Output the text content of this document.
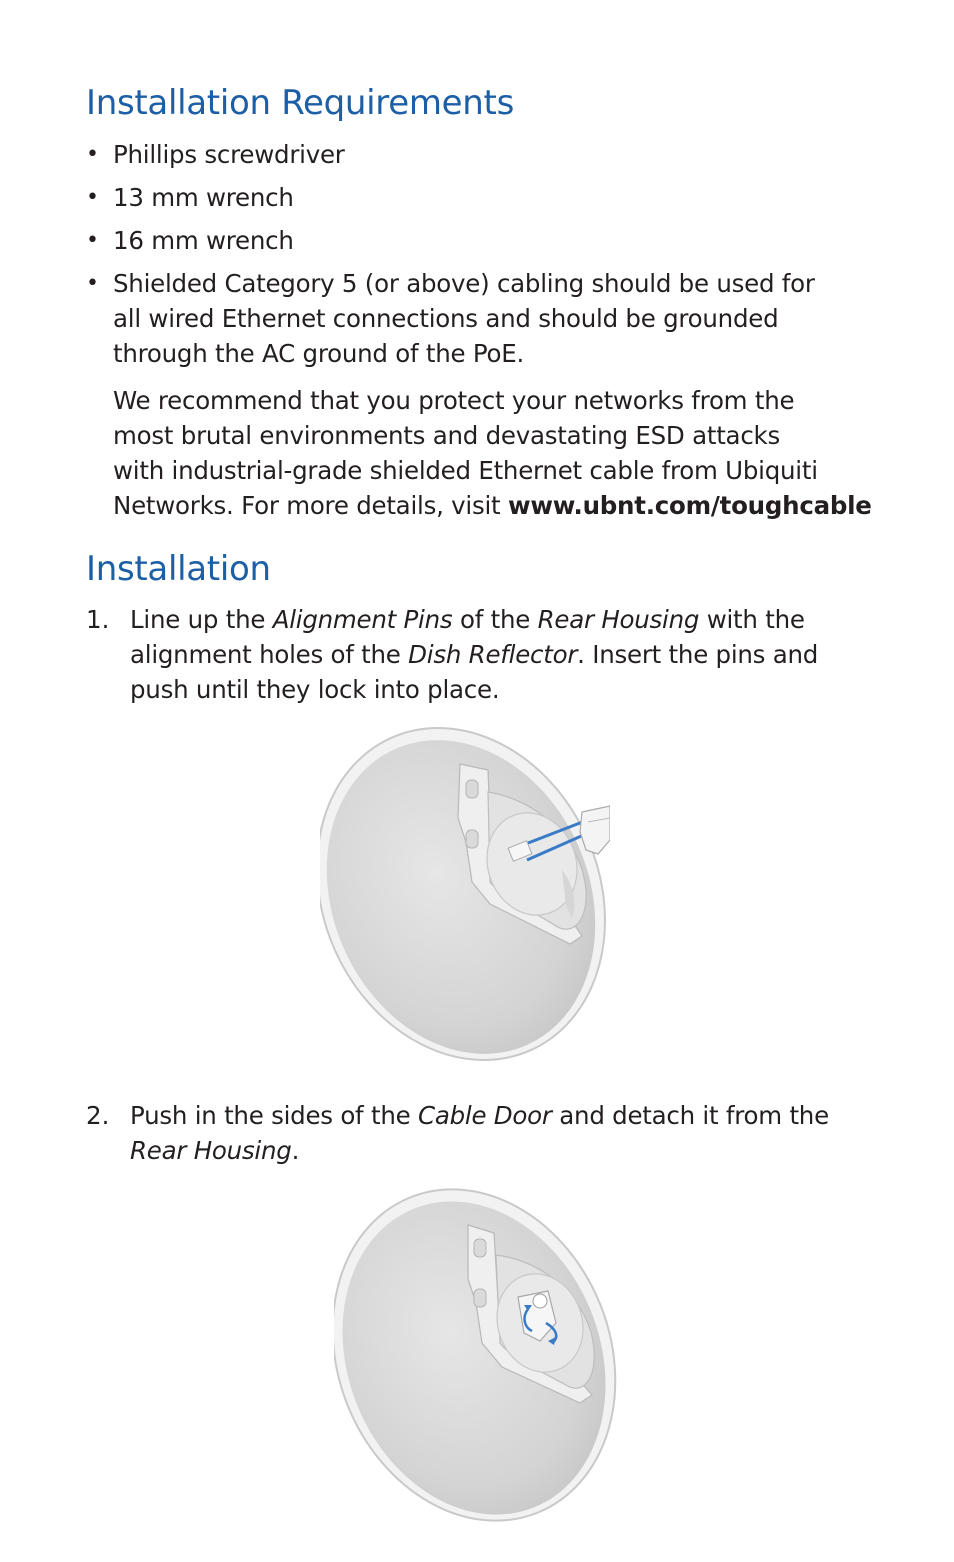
Installation Requirements
• Phillips screwdriver
• 13 mm wrench
• 16 mm wrench
• Shielded Category 5 (or above) cabling should be used for
all wired Ethernet connections and should be grounded
through the AC ground of the PoE.

We recommend that you protect your networks from the
most brutal environments and devastating ESD attacks
with industrial-grade shielded Ethernet cable from Ubiquiti
Networks. For more details, visit www.ubnt.com/toughcable

Installation
1. Line up the Alignment Pins of the Rear Housing with the
alignment holes of the Dish Reflector. Insert the pins and
push until they lock into place.

2. Push in the sides of the Cable Door and detach it from the
Rear Housing.
